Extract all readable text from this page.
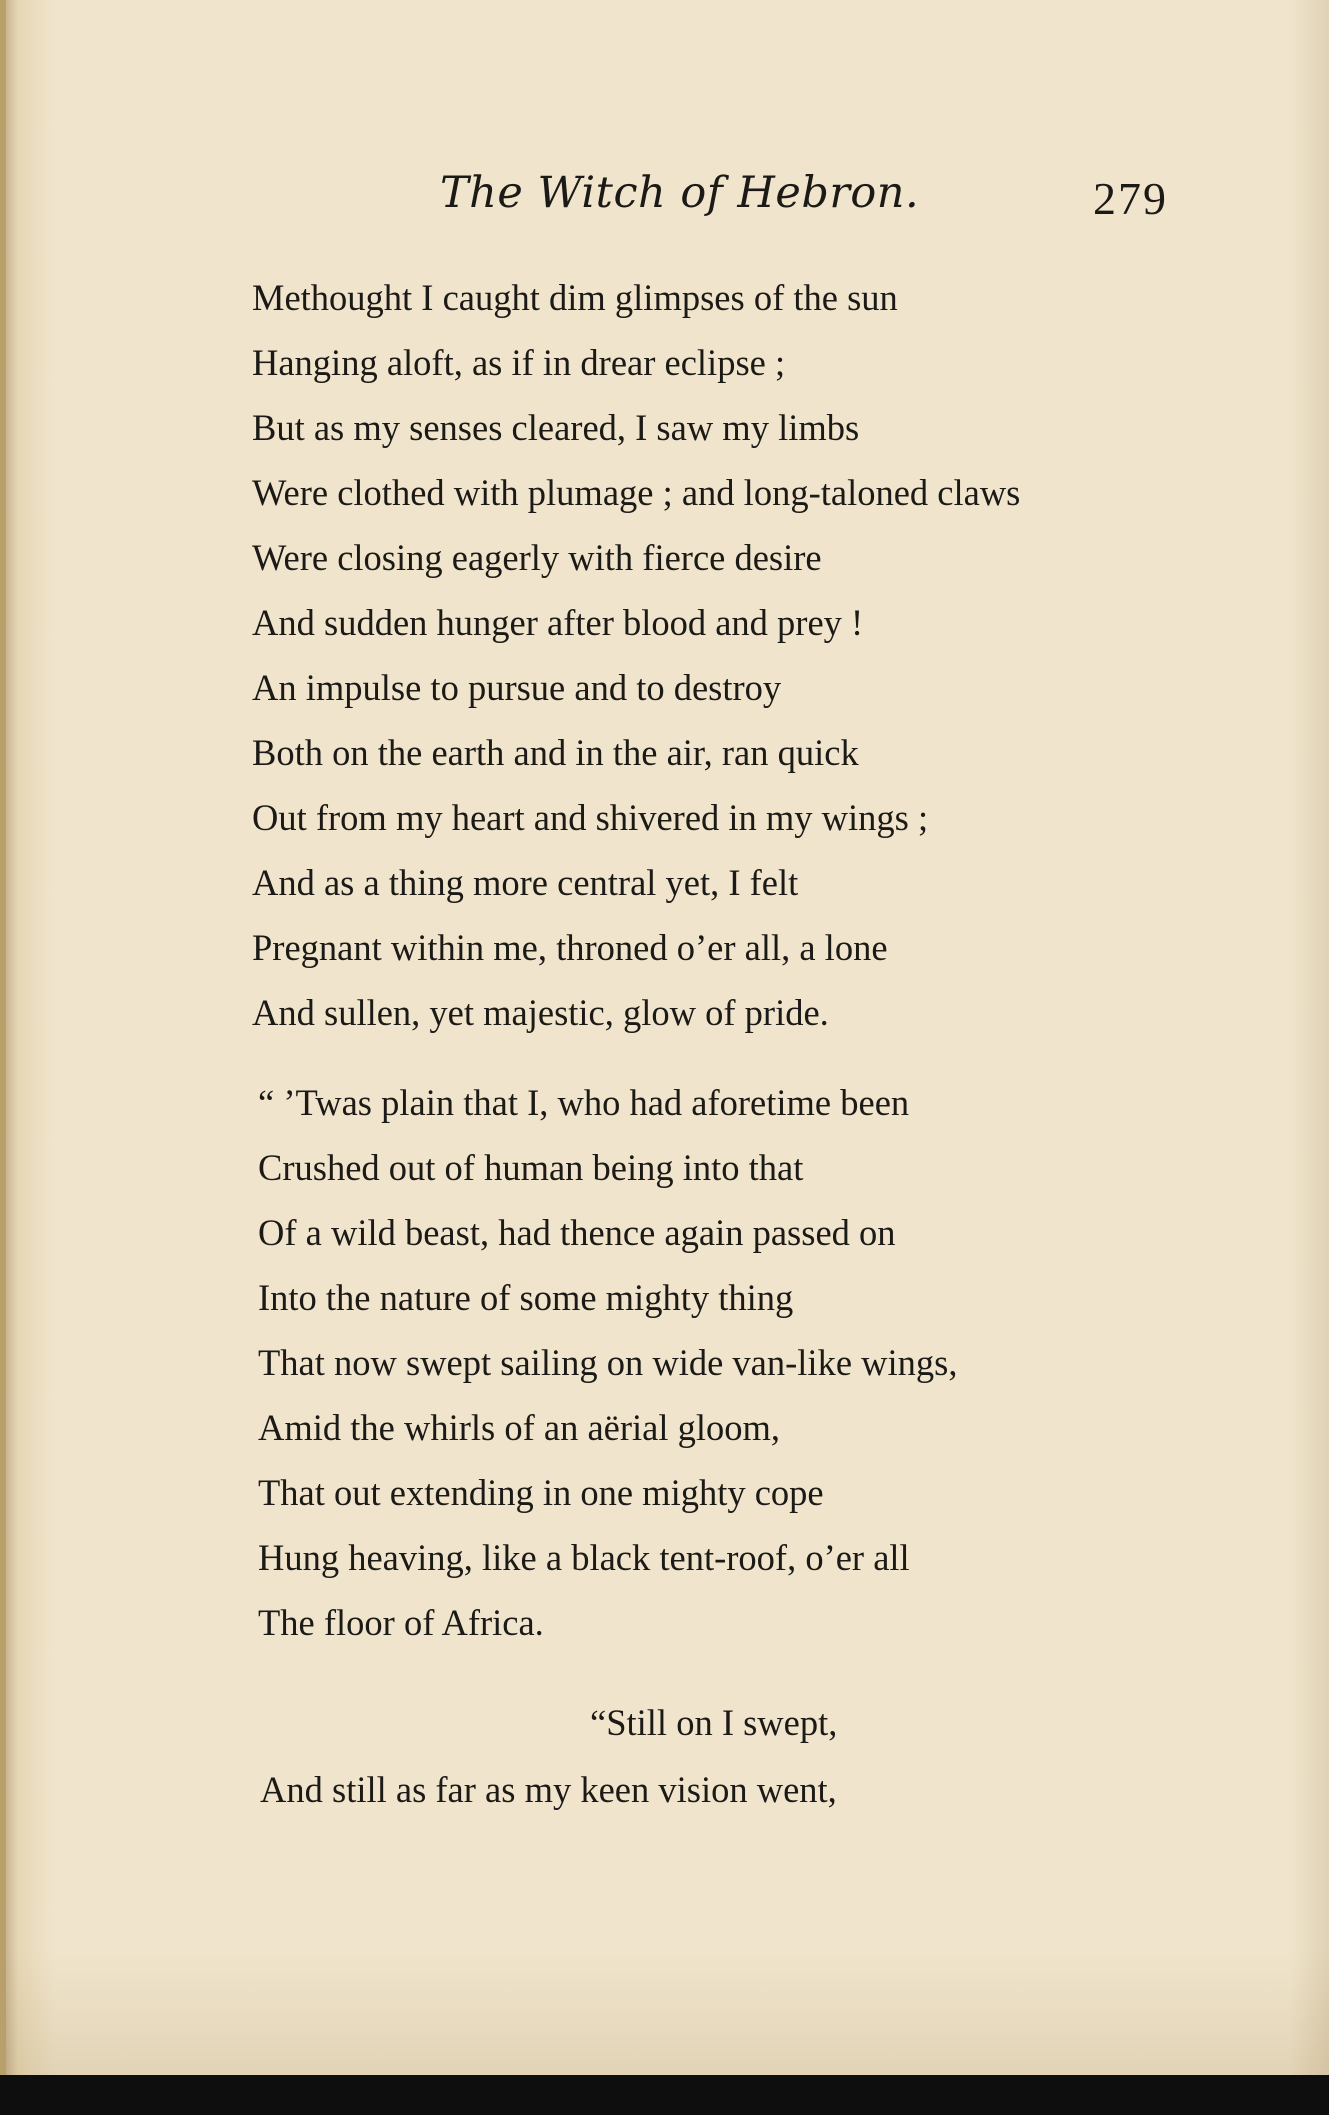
The Witch of Hebron.	279
Methought I caught dim glimpses of the sun
Hanging aloft, as if in drear eclipse ;
But as my senses cleared, I saw my limbs
Were clothed with plumage ; and long-taloned claws
Were closing eagerly with fierce desire
And sudden hunger after blood and prey !
An impulse to pursue and to destroy
Both on the earth and in the air, ran quick
Out from my heart and shivered in my wings ;
And as a thing more central yet, I felt
Pregnant within me, throned o’er all, a lone
And sullen, yet majestic, glow of pride.
“ ’Twas plain that I, who had aforetime been
Crushed out of human being into that
Of a wild beast, had thence again passed on
Into the nature of some mighty thing
That now swept sailing on wide van-like wings,
Amid the whirls of an aërial gloom,
That out extending in one mighty cope
Hung heaving, like a black tent-roof, o’er all
The floor of Africa.
“Still on I swept,
And still as far as my keen vision went,
